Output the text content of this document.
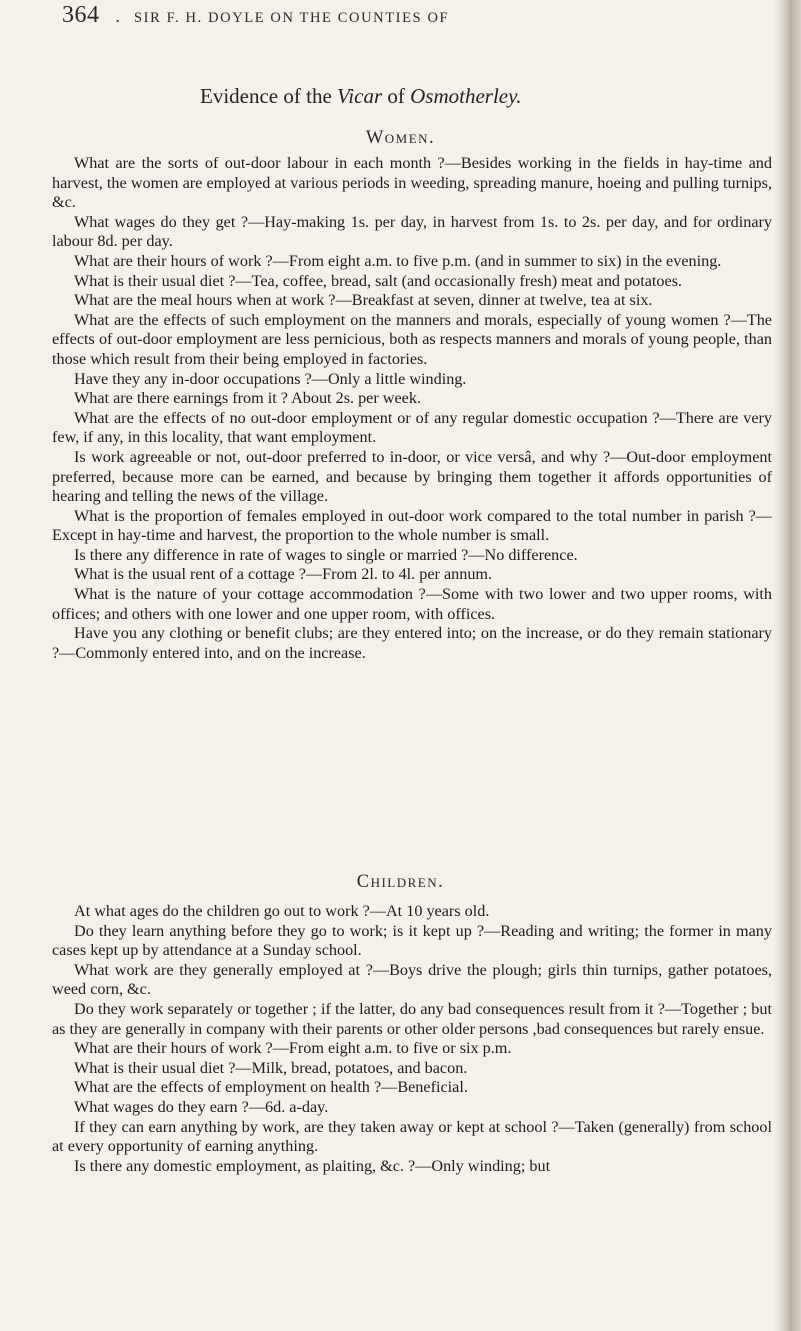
364 . SIR F. H. DOYLE ON THE COUNTIES OF
Evidence of the Vicar of Osmotherley.
Women.

What are the sorts of out-door labour in each month ?—Besides working in the fields in hay-time and harvest, the women are employed at various periods in weeding, spreading manure, hoeing and pulling turnips, &c.

What wages do they get ?—Hay-making 1s. per day, in harvest from 1s. to 2s. per day, and for ordinary labour 8d. per day.

What are their hours of work ?—From eight a.m. to five p.m. (and in summer to six) in the evening.

What is their usual diet ?—Tea, coffee, bread, salt (and occasionally fresh) meat and potatoes.

What are the meal hours when at work ?—Breakfast at seven, dinner at twelve, tea at six.

What are the effects of such employment on the manners and morals, especially of young women ?—The effects of out-door employment are less pernicious, both as respects manners and morals of young people, than those which result from their being employed in factories.

Have they any in-door occupations ?—Only a little winding.

What are there earnings from it ? About 2s. per week.

What are the effects of no out-door employment or of any regular domestic occupation ?—There are very few, if any, in this locality, that want employment.

Is work agreeable or not, out-door preferred to in-door, or vice versâ, and why ?—Out-door employment preferred, because more can be earned, and because by bringing them together it affords opportunities of hearing and telling the news of the village.

What is the proportion of females employed in out-door work compared to the total number in parish ?—Except in hay-time and harvest, the proportion to the whole number is small.

Is there any difference in rate of wages to single or married ?—No difference.

What is the usual rent of a cottage ?—From 2l. to 4l. per annum.

What is the nature of your cottage accommodation ?—Some with two lower and two upper rooms, with offices; and others with one lower and one upper room, with offices.

Have you any clothing or benefit clubs; are they entered into; on the increase, or do they remain stationary ?—Commonly entered into, and on the increase.

Children.

At what ages do the children go out to work ?—At 10 years old.

Do they learn anything before they go to work; is it kept up ?—Reading and writing; the former in many cases kept up by attendance at a Sunday school.

What work are they generally employed at ?—Boys drive the plough; girls thin turnips, gather potatoes, weed corn, &c.

Do they work separately or together ; if the latter, do any bad consequences result from it ?—Together ; but as they are generally in company with their parents or other older persons ,bad consequences but rarely ensue.

What are their hours of work ?—From eight a.m. to five or six p.m.

What is their usual diet ?—Milk, bread, potatoes, and bacon.

What are the effects of employment on health ?—Beneficial.

What wages do they earn ?—6d. a-day.

If they can earn anything by work, are they taken away or kept at school ?—Taken (generally) from school at every opportunity of earning anything.

Is there any domestic employment, as plaiting, &c. ?—Only winding; but
